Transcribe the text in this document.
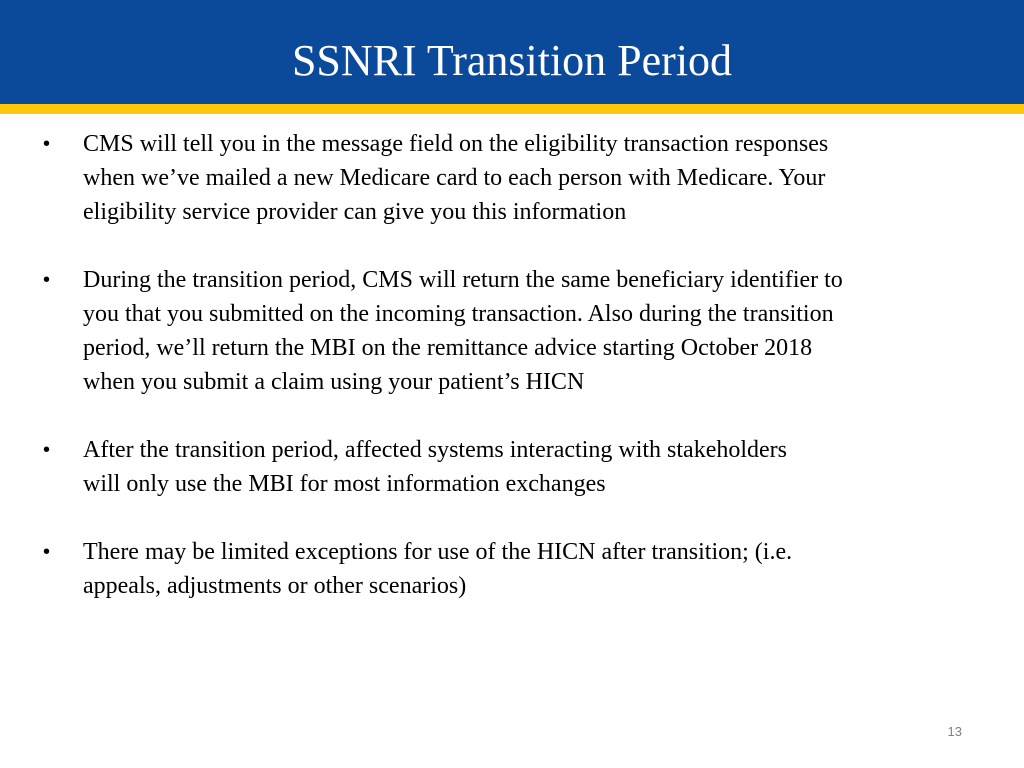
SSNRI Transition Period
• CMS will tell you in the message field on the eligibility transaction responses
when we’ve mailed a new Medicare card to each person with Medicare. Your
eligibility service provider can give you this information
• During the transition period, CMS will return the same beneficiary identifier to
you that you submitted on the incoming transaction. Also during the transition
period, we’ll return the MBI on the remittance advice starting October 2018
when you submit a claim using your patient’s HICN
• After the transition period, affected systems interacting with stakeholders
will only use the MBI for most information exchanges
• There may be limited exceptions for use of the HICN after transition; (i.e.
appeals, adjustments or other scenarios)
13
